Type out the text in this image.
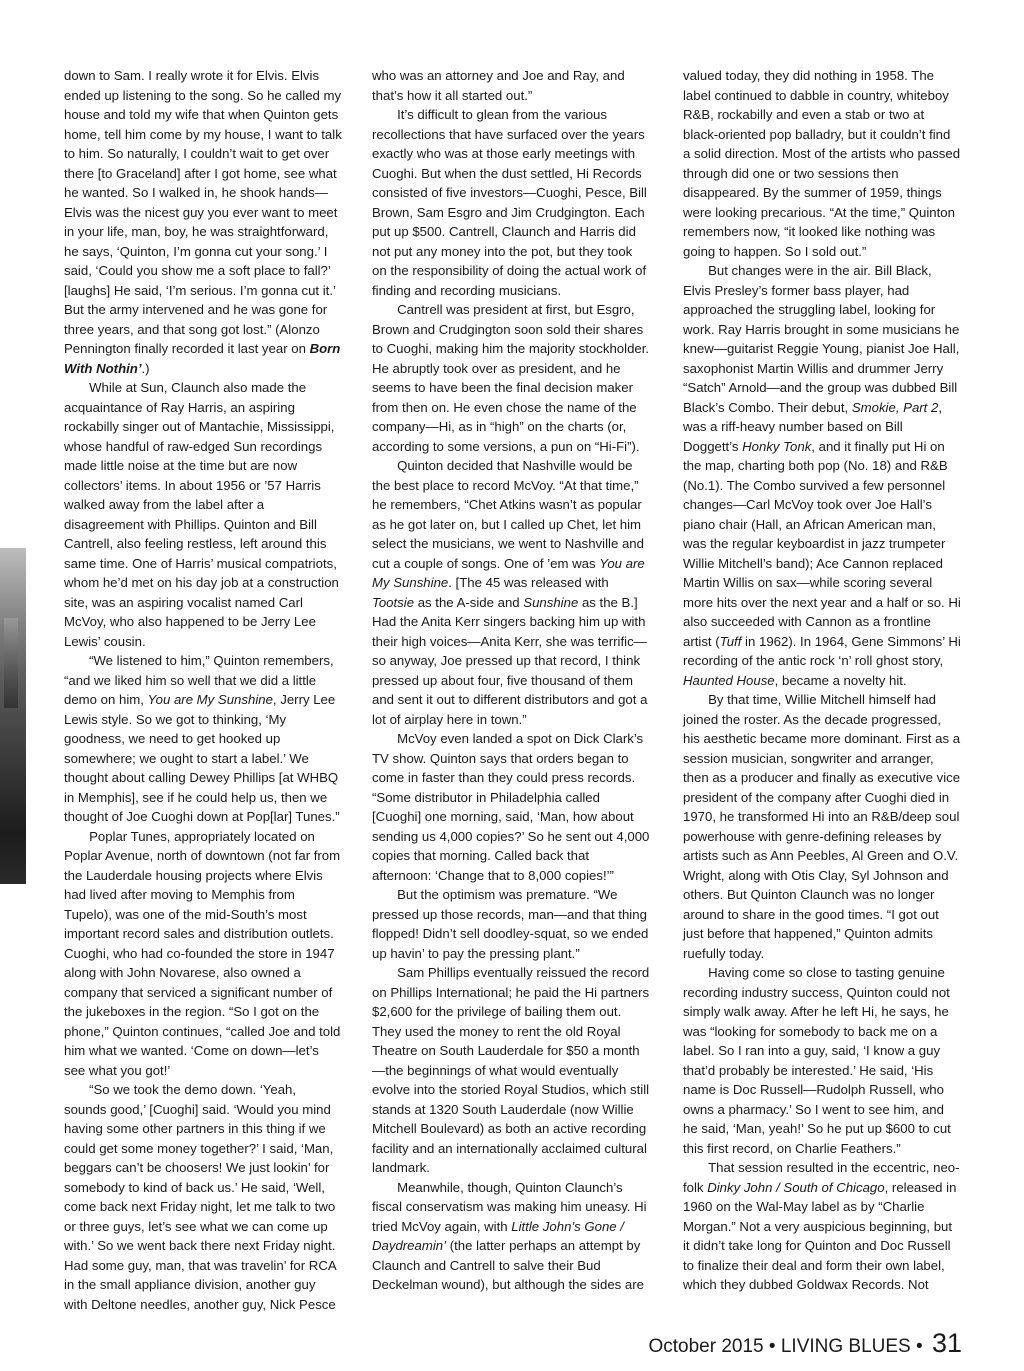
down to Sam. I really wrote it for Elvis. Elvis ended up listening to the song. So he called my house and told my wife that when Quinton gets home, tell him come by my house, I want to talk to him. So naturally, I couldn’t wait to get over there [to Graceland] after I got home, see what he wanted. So I walked in, he shook hands—Elvis was the nicest guy you ever want to meet in your life, man, boy, he was straightforward, he says, ‘Quinton, I’m gonna cut your song.’ I said, ‘Could you show me a soft place to fall?’ [laughs] He said, ‘I’m serious. I’m gonna cut it.’ But the army intervened and he was gone for three years, and that song got lost.” (Alonzo Pennington finally recorded it last year on Born With Nothin’.)

While at Sun, Claunch also made the acquaintance of Ray Harris, an aspiring rockabilly singer out of Mantachie, Mississippi, whose handful of raw-edged Sun recordings made little noise at the time but are now collectors’ items. In about 1956 or ’57 Harris walked away from the label after a disagreement with Phillips. Quinton and Bill Cantrell, also feeling restless, left around this same time. One of Harris’ musical compatriots, whom he’d met on his day job at a construction site, was an aspiring vocalist named Carl McVoy, who also happened to be Jerry Lee Lewis’ cousin.

“We listened to him,” Quinton remembers, “and we liked him so well that we did a little demo on him, You are My Sunshine, Jerry Lee Lewis style. So we got to thinking, ‘My goodness, we need to get hooked up somewhere; we ought to start a label.’ We thought about calling Dewey Phillips [at WHBQ in Memphis], see if he could help us, then we thought of Joe Cuoghi down at Pop[lar] Tunes.”

Poplar Tunes, appropriately located on Poplar Avenue, north of downtown (not far from the Lauderdale housing projects where Elvis had lived after moving to Memphis from Tupelo), was one of the mid-South’s most important record sales and distribution outlets. Cuoghi, who had co-founded the store in 1947 along with John Novarese, also owned a company that serviced a significant number of the jukeboxes in the region. “So I got on the phone,” Quinton continues, “called Joe and told him what we wanted. ‘Come on down—let’s see what you got!’

“So we took the demo down. ‘Yeah, sounds good,’ [Cuoghi] said. ‘Would you mind having some other partners in this thing if we could get some money together?’ I said, ‘Man, beggars can’t be choosers! We just lookin’ for somebody to kind of back us.’ He said, ‘Well, come back next Friday night, let me talk to two or three guys, let’s see what we can come up with.’ So we went back there next Friday night. Had some guy, man, that was travelin’ for RCA in the small appliance division, another guy with Deltone needles, another guy, Nick Pesce

who was an attorney and Joe and Ray, and that’s how it all started out.”

It’s difficult to glean from the various recollections that have surfaced over the years exactly who was at those early meetings with Cuoghi. But when the dust settled, Hi Records consisted of five investors—Cuoghi, Pesce, Bill Brown, Sam Esgro and Jim Crudgington. Each put up $500. Cantrell, Claunch and Harris did not put any money into the pot, but they took on the responsibility of doing the actual work of finding and recording musicians.

Cantrell was president at first, but Esgro, Brown and Crudgington soon sold their shares to Cuoghi, making him the majority stockholder. He abruptly took over as president, and he seems to have been the final decision maker from then on. He even chose the name of the company—Hi, as in “high” on the charts (or, according to some versions, a pun on “Hi-Fi”).

Quinton decided that Nashville would be the best place to record McVoy. “At that time,” he remembers, “Chet Atkins wasn’t as popular as he got later on, but I called up Chet, let him select the musicians, we went to Nashville and cut a couple of songs. One of ’em was You are My Sunshine. [The 45 was released with Tootsie as the A-side and Sunshine as the B.] Had the Anita Kerr singers backing him up with their high voices—Anita Kerr, she was terrific—so anyway, Joe pressed up that record, I think pressed up about four, five thousand of them and sent it out to different distributors and got a lot of airplay here in town.”

McVoy even landed a spot on Dick Clark’s TV show. Quinton says that orders began to come in faster than they could press records. “Some distributor in Philadelphia called [Cuoghi] one morning, said, ‘Man, how about sending us 4,000 copies?’ So he sent out 4,000 copies that morning. Called back that afternoon: ‘Change that to 8,000 copies!’”

But the optimism was premature. “We pressed up those records, man—and that thing flopped! Didn’t sell doodley-squat, so we ended up havin’ to pay the pressing plant.”

Sam Phillips eventually reissued the record on Phillips International; he paid the Hi partners $2,600 for the privilege of bailing them out. They used the money to rent the old Royal Theatre on South Lauderdale for $50 a month—the beginnings of what would eventually evolve into the storied Royal Studios, which still stands at 1320 South Lauderdale (now Willie Mitchell Boulevard) as both an active recording facility and an internationally acclaimed cultural landmark.

Meanwhile, though, Quinton Claunch’s fiscal conservatism was making him uneasy. Hi tried McVoy again, with Little John’s Gone / Daydreamin’ (the latter perhaps an attempt by Claunch and Cantrell to salve their Bud Deckelman wound), but although the sides are

valued today, they did nothing in 1958. The label continued to dabble in country, whiteboy R&B, rockabilly and even a stab or two at black-oriented pop balladry, but it couldn’t find a solid direction. Most of the artists who passed through did one or two sessions then disappeared. By the summer of 1959, things were looking precarious. “At the time,” Quinton remembers now, “it looked like nothing was going to happen. So I sold out.”

But changes were in the air. Bill Black, Elvis Presley’s former bass player, had approached the struggling label, looking for work. Ray Harris brought in some musicians he knew—guitarist Reggie Young, pianist Joe Hall, saxophonist Martin Willis and drummer Jerry “Satch” Arnold—and the group was dubbed Bill Black’s Combo. Their debut, Smokie, Part 2, was a riff-heavy number based on Bill Doggett’s Honky Tonk, and it finally put Hi on the map, charting both pop (No. 18) and R&B (No.1). The Combo survived a few personnel changes—Carl McVoy took over Joe Hall’s piano chair (Hall, an African American man, was the regular keyboardist in jazz trumpeter Willie Mitchell’s band); Ace Cannon replaced Martin Willis on sax—while scoring several more hits over the next year and a half or so. Hi also succeeded with Cannon as a frontline artist (Tuff in 1962). In 1964, Gene Simmons’ Hi recording of the antic rock ‘n’ roll ghost story, Haunted House, became a novelty hit.

By that time, Willie Mitchell himself had joined the roster. As the decade progressed, his aesthetic became more dominant. First as a session musician, songwriter and arranger, then as a producer and finally as executive vice president of the company after Cuoghi died in 1970, he transformed Hi into an R&B/deep soul powerhouse with genre-defining releases by artists such as Ann Peebles, Al Green and O.V. Wright, along with Otis Clay, Syl Johnson and others. But Quinton Claunch was no longer around to share in the good times. “I got out just before that happened,” Quinton admits ruefully today.

Having come so close to tasting genuine recording industry success, Quinton could not simply walk away. After he left Hi, he says, he was “looking for somebody to back me on a label. So I ran into a guy, said, ‘I know a guy that’d probably be interested.’ He said, ‘His name is Doc Russell—Rudolph Russell, who owns a pharmacy.’ So I went to see him, and he said, ‘Man, yeah!’ So he put up $600 to cut this first record, on Charlie Feathers.”

That session resulted in the eccentric, neo-folk Dinky John / South of Chicago, released in 1960 on the Wal-May label as by “Charlie Morgan.” Not a very auspicious beginning, but it didn’t take long for Quinton and Doc Russell to finalize their deal and form their own label, which they dubbed Goldwax Records. Not

October 2015 • LIVING BLUES • 31
